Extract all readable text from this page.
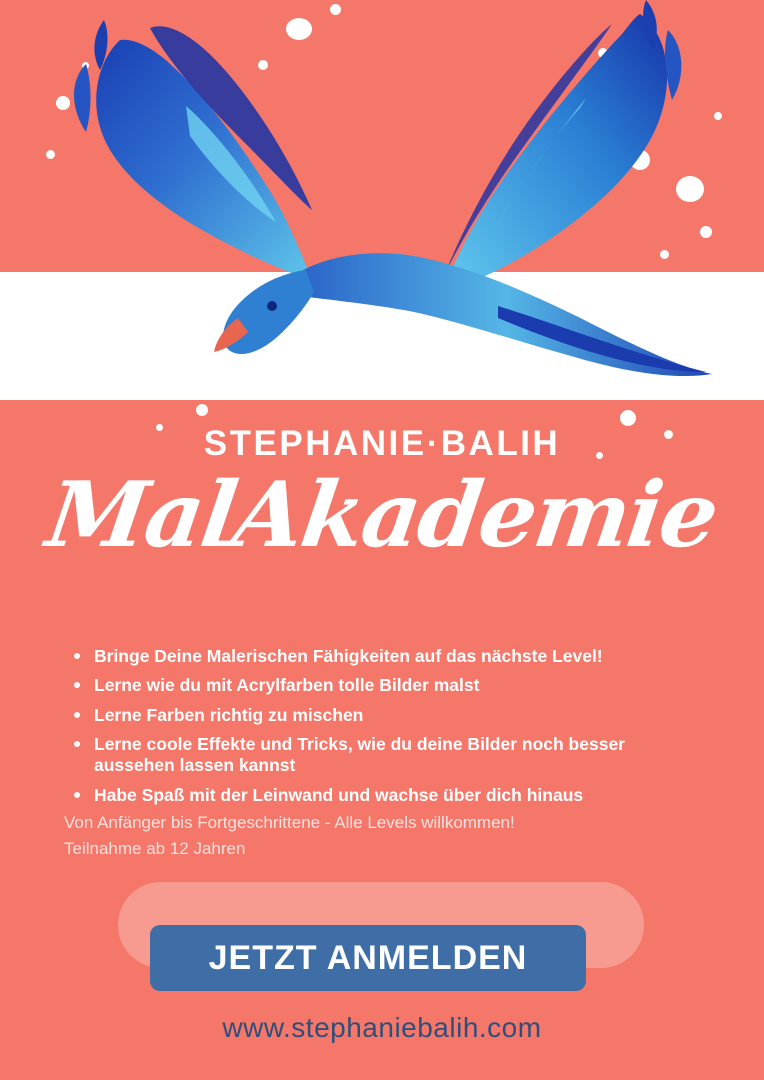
STEPHANIE·BALIH
MalAkademie
Bringe Deine Malerischen Fähigkeiten auf das nächste Level!
Lerne wie du mit Acrylfarben tolle Bilder malst
Lerne Farben richtig zu mischen
Lerne coole Effekte und Tricks, wie du deine Bilder noch besser aussehen lassen kannst
Habe Spaß mit der Leinwand und wachse über dich hinaus
Von Anfänger bis Fortgeschrittene - Alle Levels willkommen!
Teilnahme ab 12 Jahren
JETZT ANMELDEN
www.stephaniebalih.com
